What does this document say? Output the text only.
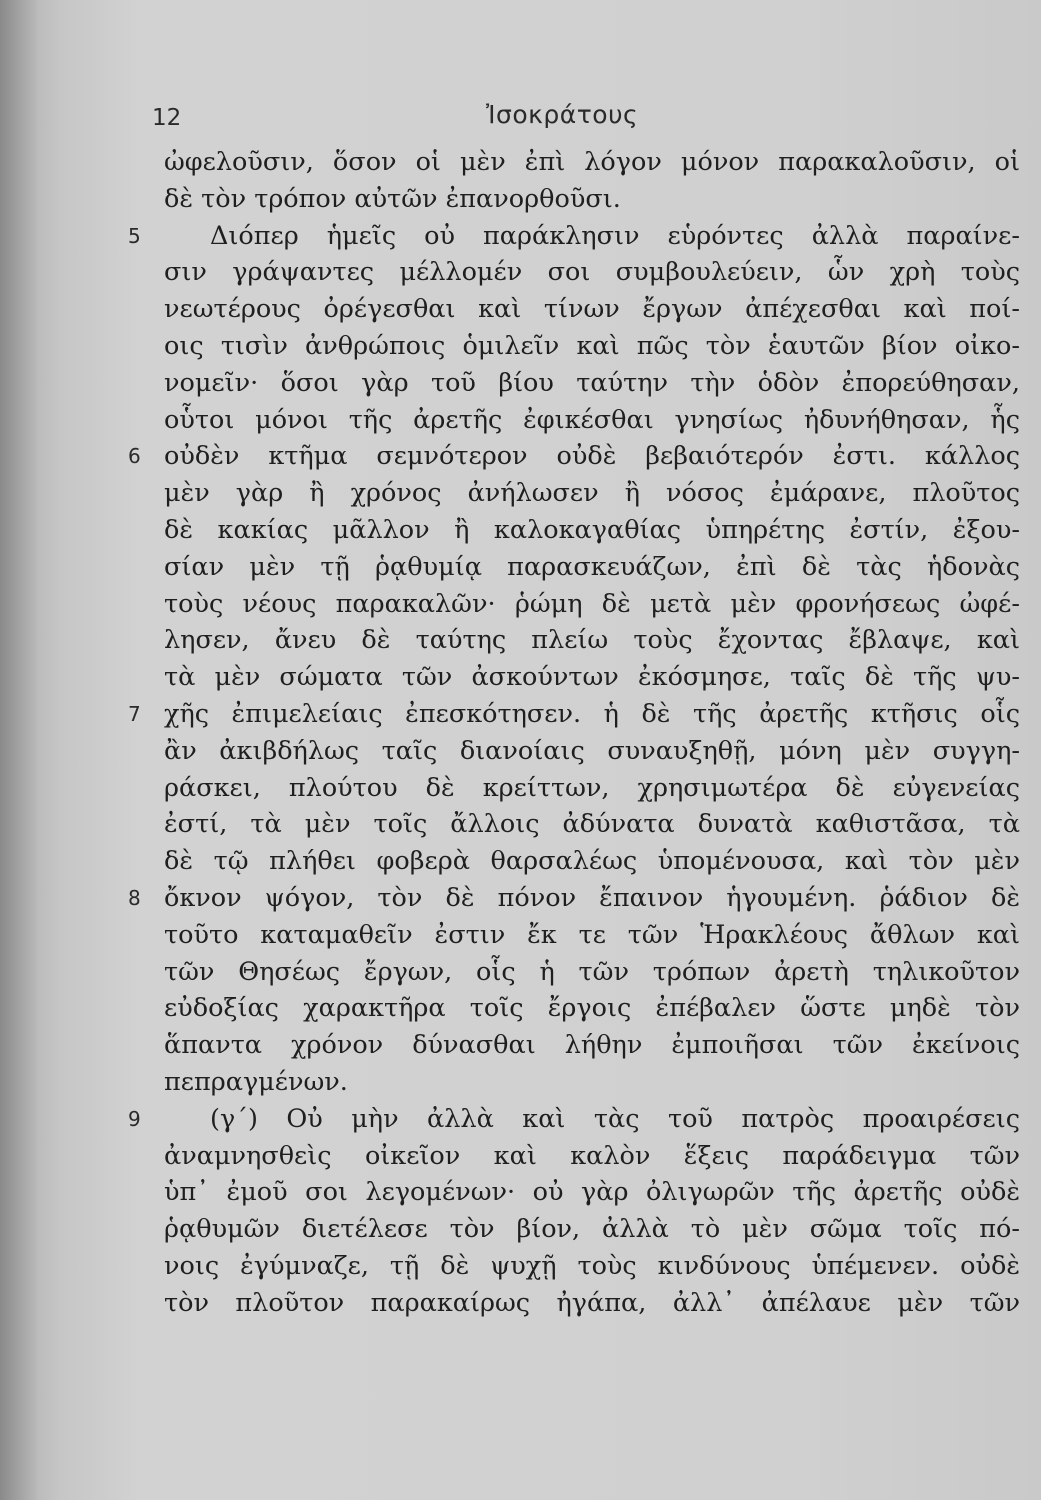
12	Ἰσοκράτους
ὠφελοῦσιν, ὅσον οἱ μὲν ἐπὶ λόγον μόνον παρακαλοῦσιν, οἱ
δὲ τὸν τρόπον αὐτῶν ἐπανορθοῦσι.
5	Διόπερ ἡμεῖς οὐ παράκλησιν εὑρόντες ἀλλὰ παραίνε-
σιν γράψαντες μέλλομέν σοι συμβουλεύειν, ὧν χρὴ τοὺς
νεωτέρους ὀρέγεσθαι καὶ τίνων ἔργων ἀπέχεσθαι καὶ ποί-
οις τισὶν ἀνθρώποις ὁμιλεῖν καὶ πῶς τὸν ἑαυτῶν βίον οἰκο-
νομεῖν· ὅσοι γὰρ τοῦ βίου ταύτην τὴν ὁδὸν ἐπορεύθησαν,
οὗτοι μόνοι τῆς ἀρετῆς ἐφικέσθαι γνησίως ἠδυνήθησαν, ἧς
6 οὐδὲν κτῆμα σεμνότερον οὐδὲ βεβαιότερόν ἐστι. κάλλος
μὲν γὰρ ἢ χρόνος ἀνήλωσεν ἢ νόσος ἐμάρανε, πλοῦτος
δὲ κακίας μᾶλλον ἢ καλοκαγαθίας ὑπηρέτης ἐστίν, ἐξου-
σίαν μὲν τῇ ῥᾳθυμίᾳ παρασκευάζων, ἐπὶ δὲ τὰς ἡδονὰς
τοὺς νέους παρακαλῶν· ῥώμη δὲ μετὰ μὲν φρονήσεως ὠφέ-
λησεν, ἄνευ δὲ ταύτης πλείω τοὺς ἔχοντας ἔβλαψε, καὶ
τὰ μὲν σώματα τῶν ἀσκούντων ἐκόσμησε, ταῖς δὲ τῆς ψυ-
7 χῆς ἐπιμελείαις ἐπεσκότησεν. ἡ δὲ τῆς ἀρετῆς κτῆσις οἷς
ἂν ἀκιβδήλως ταῖς διανοίαις συναυξηθῇ, μόνη μὲν συγγη-
ράσκει, πλούτου δὲ κρείττων, χρησιμωτέρα δὲ εὐγενείας
ἐστί, τὰ μὲν τοῖς ἄλλοις ἀδύνατα δυνατὰ καθιστᾶσα, τὰ
δὲ τῷ πλήθει φοβερὰ θαρσαλέως ὑπομένουσα, καὶ τὸν μὲν
8 ὄκνον ψόγον, τὸν δὲ πόνον ἔπαινον ἡγουμένη. ῥάδιον δὲ
τοῦτο καταμαθεῖν ἐστιν ἔκ τε τῶν Ἡρακλέους ἄθλων καὶ
τῶν Θησέως ἔργων, οἷς ἡ τῶν τρόπων ἀρετὴ τηλικοῦτον
εὐδοξίας χαρακτῆρα τοῖς ἔργοις ἐπέβαλεν ὥστε μηδὲ τὸν
ἅπαντα χρόνον δύνασθαι λήθην ἐμποιῆσαι τῶν ἐκείνοις
πεπραγμένων.
9	(γ΄) Οὐ μὴν ἀλλὰ καὶ τὰς τοῦ πατρὸς προαιρέσεις
ἀναμνησθεὶς οἰκεῖον καὶ καλὸν ἕξεις παράδειγμα τῶν
ὑπ᾽ ἐμοῦ σοι λεγομένων· οὐ γὰρ ὀλιγωρῶν τῆς ἀρετῆς οὐδὲ
ῥᾳθυμῶν διετέλεσε τὸν βίον, ἀλλὰ τὸ μὲν σῶμα τοῖς πό-
νοις ἐγύμναζε, τῇ δὲ ψυχῇ τοὺς κινδύνους ὑπέμενεν. οὐδὲ
τὸν πλοῦτον παρακαίρως ἠγάπα, ἀλλ᾽ ἀπέλαυε μὲν τῶν
